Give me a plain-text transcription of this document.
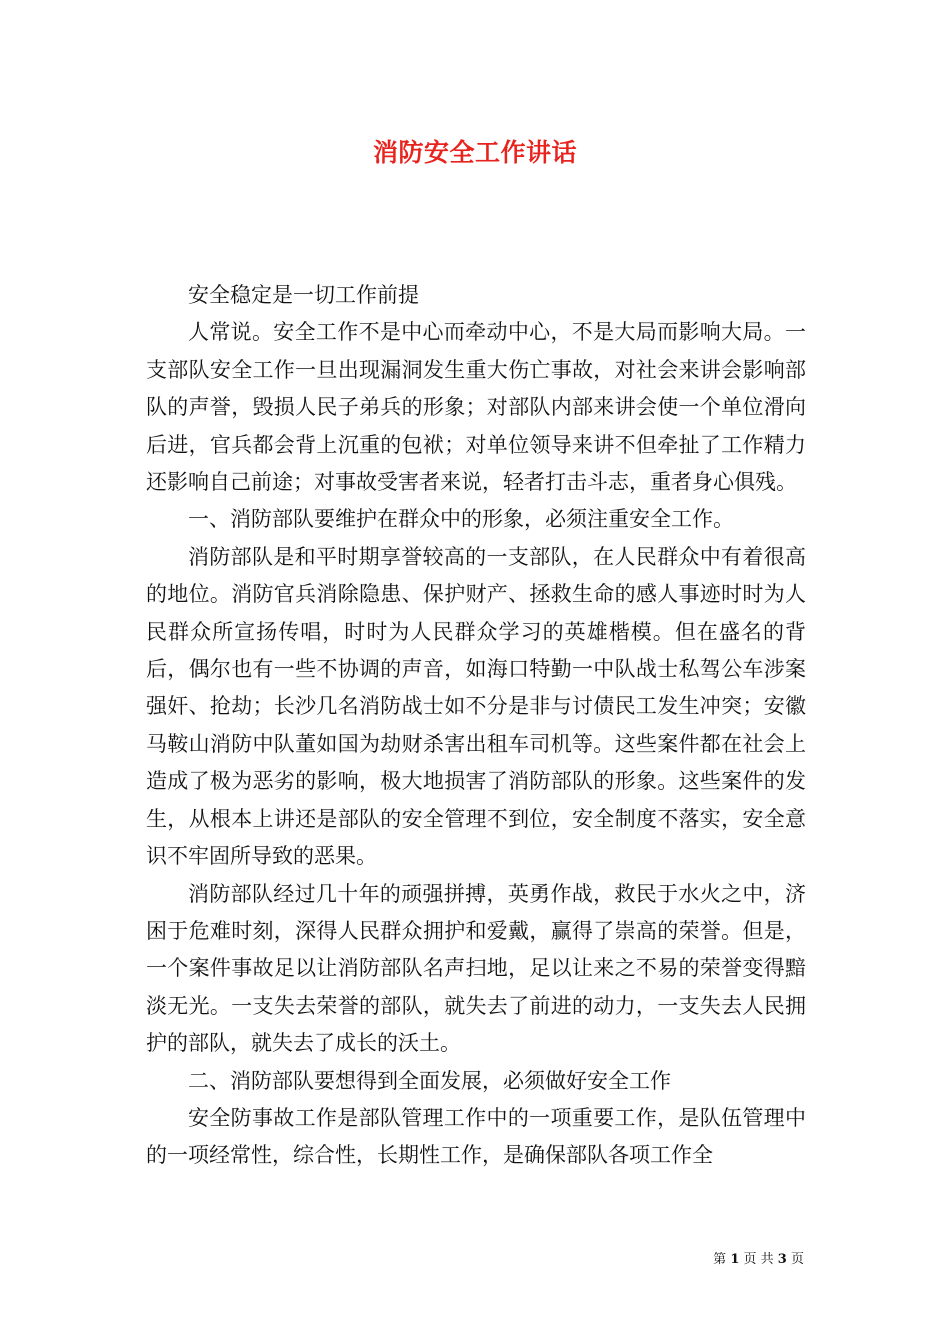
消防安全工作讲话

安全稳定是一切工作前提

人常说。安全工作不是中心而牵动中心，不是大局而影响大局。一支部队安全工作一旦出现漏洞发生重大伤亡事故，对社会来讲会影响部队的声誉，毁损人民子弟兵的形象；对部队内部来讲会使一个单位滑向后进，官兵都会背上沉重的包袱；对单位领导来讲不但牵扯了工作精力还影响自己前途；对事故受害者来说，轻者打击斗志，重者身心俱残。

一、消防部队要维护在群众中的形象，必须注重安全工作。

消防部队是和平时期享誉较高的一支部队，在人民群众中有着很高的地位。消防官兵消除隐患、保护财产、拯救生命的感人事迹时时为人民群众所宣扬传唱，时时为人民群众学习的英雄楷模。但在盛名的背后，偶尔也有一些不协调的声音，如海口特勤一中队战士私驾公车涉案强奸、抢劫；长沙几名消防战士如不分是非与讨债民工发生冲突；安徽马鞍山消防中队董如国为劫财杀害出租车司机等。这些案件都在社会上造成了极为恶劣的影响，极大地损害了消防部队的形象。这些案件的发生，从根本上讲还是部队的安全管理不到位，安全制度不落实，安全意识不牢固所导致的恶果。

消防部队经过几十年的顽强拼搏，英勇作战，救民于水火之中，济困于危难时刻，深得人民群众拥护和爱戴，赢得了崇高的荣誉。但是，一个案件事故足以让消防部队名声扫地，足以让来之不易的荣誉变得黯淡无光。一支失去荣誉的部队，就失去了前进的动力，一支失去人民拥护的部队，就失去了成长的沃土。

二、消防部队要想得到全面发展，必须做好安全工作

安全防事故工作是部队管理工作中的一项重要工作，是队伍管理中的一项经常性，综合性，长期性工作，是确保部队各项工作全

第 1 页 共 3 页
